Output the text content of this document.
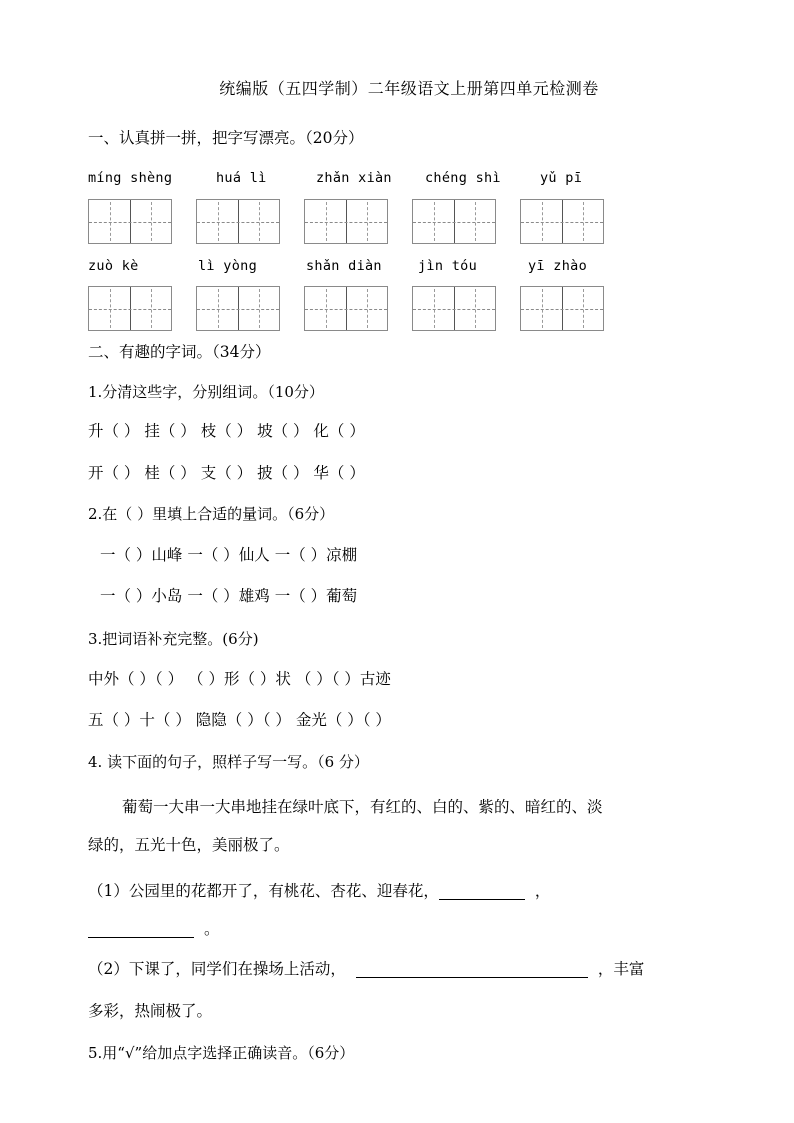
统编版（五四学制）二年级语文上册第四单元检测卷
一、认真拼一拼，把字写漂亮。（20分）
míng shèng	huá lì	zhǎn xiàn chéng shì	yǔ pī
zuò kè	lì yòng	shǎn diàn	jìn tóu	yī zhào
二、有趣的字词。（34分）
1.分清这些字，分别组词。（10分）
升（ ） 挂（ ） 枝（ ） 坡（ ） 化（ ）
开（ ） 桂（ ） 支（ ） 披（ ） 华（ ）
2.在（ ）里填上合适的量词。（6分）
一（ ）山峰 一（ ）仙人 一（ ）凉棚
一（ ）小岛 一（ ）雄鸡 一（ ）葡萄
3.把词语补充完整。(6分)
中外（ ）（ ） （ ）形（ ）状 （ ）（ ）古迹
五（ ）十（ ） 隐隐（ ）（ ） 金光（ ）（ ）
4. 读下面的句子，照样子写一写。（6 分）
葡萄一大串一大串地挂在绿叶底下，有红的、白的、紫的、暗红的、淡
绿的，五光十色，美丽极了。
（1）公园里的花都开了，有桃花、杏花、迎春花，	，
。
（2）下课了，同学们在操场上活动，	，丰富
多彩，热闹极了。
5.用“√”给加点字选择正确读音。（6分）
